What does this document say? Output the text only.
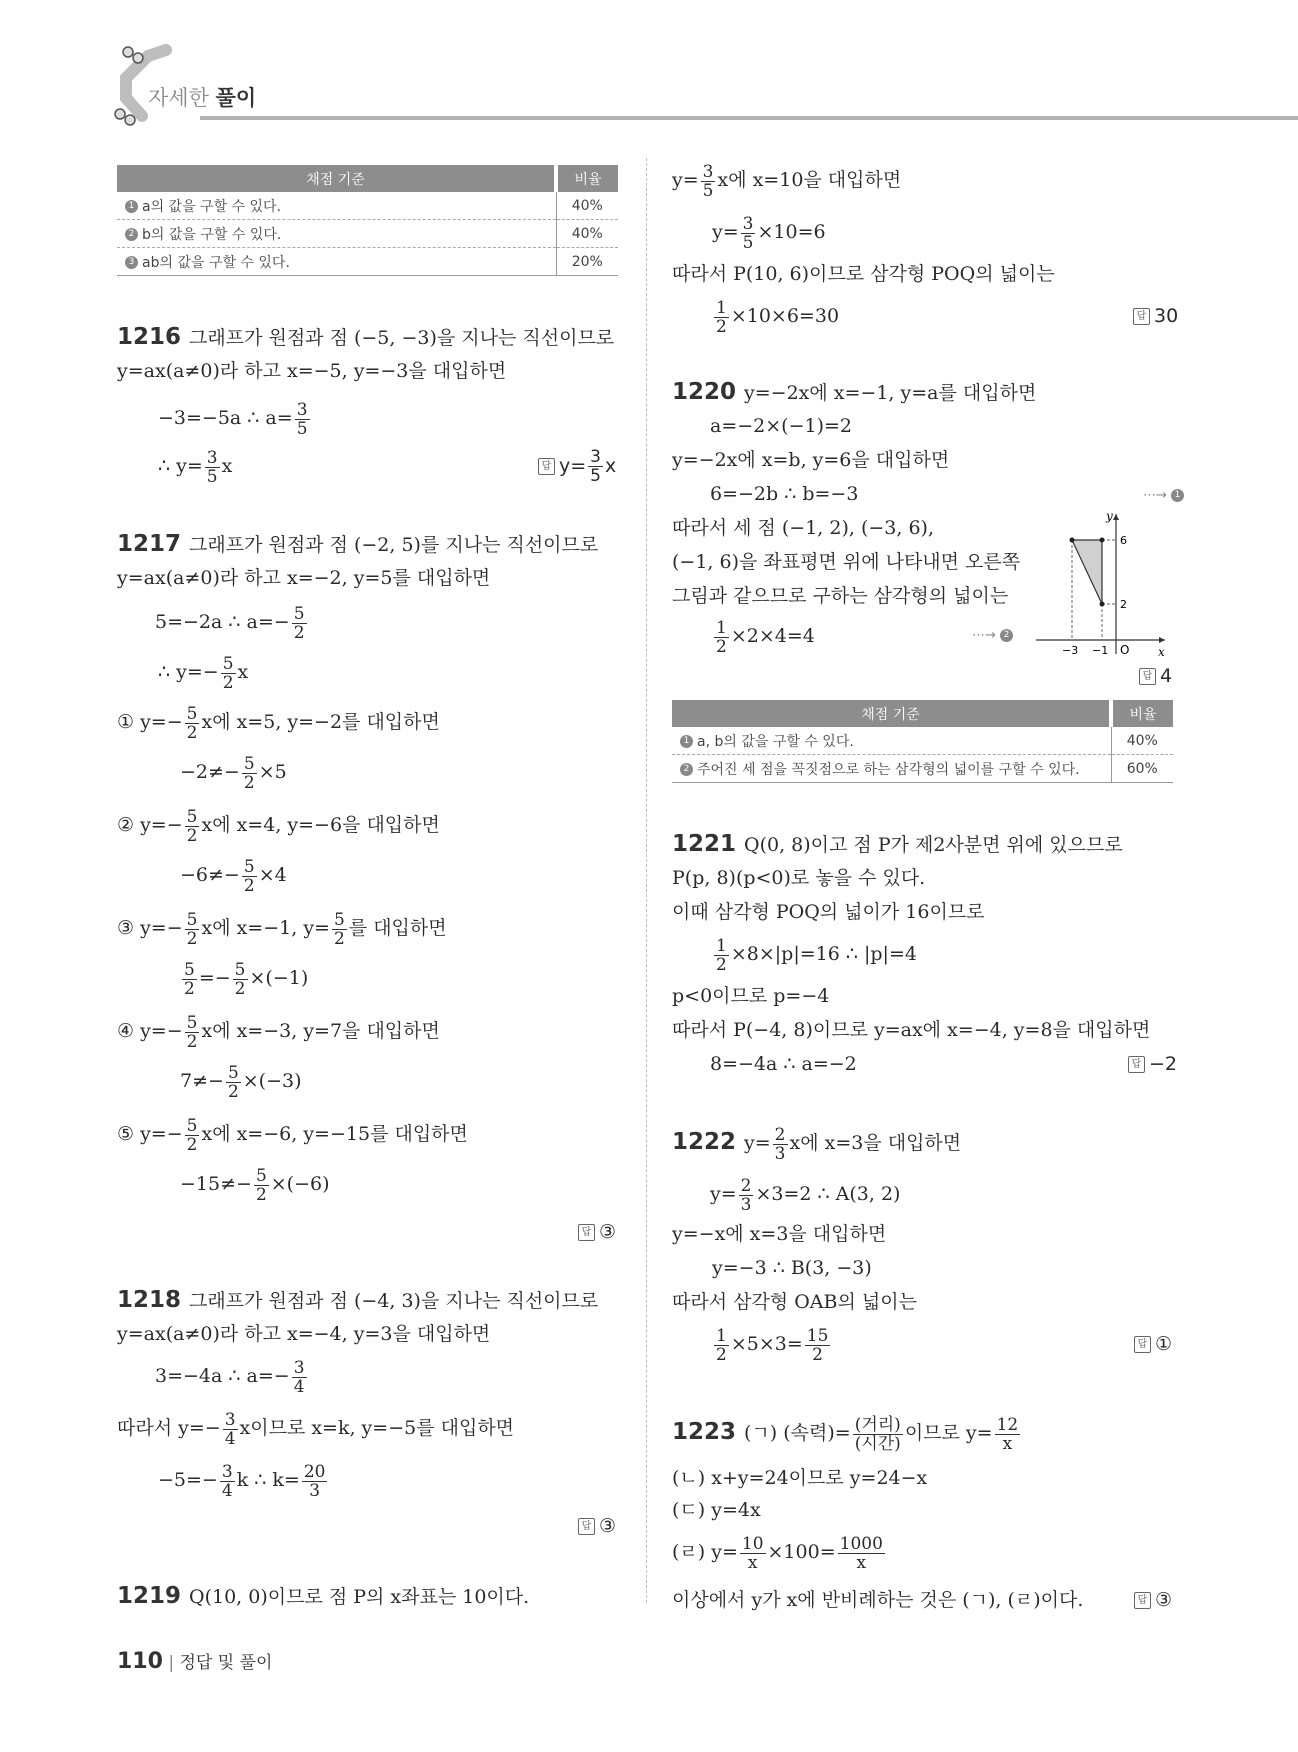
자세한 풀이
채점 기준	비율
1 a의 값을 구할 수 있다.	40%
2 b의 값을 구할 수 있다.	40%
3 ab의 값을 구할 수 있다.	20%
1216 그래프가 원점과 점 (−5, −3)을 지나는 직선이므로
y=ax(a≠0)라 하고 x=−5, y=−3을 대입하면
−3=−5a ∴ $a= \frac{3}{5}$
∴ $y= \frac{3}{5}$ x	답 $y= \frac{3}{5}$ x
1217 그래프가 원점과 점 (−2, 5)를 지나는 직선이므로
y=ax(a≠0)라 하고 x=−2, y=5를 대입하면
5=−2a ∴ $a=- \frac{5}{2}$
∴ $y=- \frac{5}{2}$ x
① $y=- \frac{5}{2}$ x에 x=5, y=−2를 대입하면
$-2\ne- \frac{5}{2} \times 5$
② $y=- \frac{5}{2}$ x에 x=4, y=−6을 대입하면
$-6\ne- \frac{5}{2} \times 4$
③ $y=- \frac{5}{2}$ x에 x=−1, $y= \frac{5}{2}$ 를 대입하면
$\frac{5}{2} =- \frac{5}{2} \times(-1)$
④ $y=- \frac{5}{2}$ x에 x=−3, y=7을 대입하면
$7\ne- \frac{5}{2} \times(-3)$
⑤ $y=- \frac{5}{2}$ x에 x=−6, y=−15를 대입하면
$-15\ne- \frac{5}{2} \times(-6)$
답 ③
1218 그래프가 원점과 점 (−4, 3)을 지나는 직선이므로
y=ax(a≠0)라 하고 x=−4, y=3을 대입하면
3=−4a ∴ $a=- \frac{3}{4}$
따라서 $y=- \frac{3}{4}$ x이므로 x=k, y=−5를 대입하면
$-5=- \frac{3}{4}$ k ∴ $k= \frac{20}{3}$
답 ③
1219 Q(10, 0)이므로 점 P의 x좌표는 10이다.
$y= \frac{3}{5}$ x에 x=10을 대입하면
$y= \frac{3}{5} \times 10=6$
따라서 P(10, 6)이므로 삼각형 POQ의 넓이는
$\frac{1}{2} \times 10\times 6=30$	답 30
1220 y=−2x에 x=−1, y=a를 대입하면
a=−2×(−1)=2
y=−2x에 x=b, y=6을 대입하면
6=−2b ∴ b=−3	⋯→ 1
따라서 세 점 (−1, 2), (−3, 6),
(−1, 6)을 좌표평면 위에 나타내면 오른쪽
그림과 같으므로 구하는 삼각형의 넓이는
$\frac{1}{2} \times 2\times 4=4$	⋯→ 2
y
x
O
6
2
−3 −1
답 4
채점 기준	비율
1 a, b의 값을 구할 수 있다.	40%
2 주어진 세 점을 꼭짓점으로 하는 삼각형의 넓이를 구할 수 있다.	60%
1221 Q(0, 8)이고 점 P가 제2사분면 위에 있으므로
P(p, 8)(p<0)로 놓을 수 있다.
이때 삼각형 POQ의 넓이가 16이므로
$\frac{1}{2} \times 8\times|p|=16$ ∴ |p|=4
p<0이므로 p=−4
따라서 P(−4, 8)이므로 y=ax에 x=−4, y=8을 대입하면
8=−4a ∴ a=−2	답 −2
1222 $y= \frac{2}{3}$ x에 x=3을 대입하면
$y= \frac{2}{3} \times 3=2$ ∴ A(3, 2)
y=−x에 x=3을 대입하면
y=−3 ∴ B(3, −3)
따라서 삼각형 OAB의 넓이는
$\frac{1}{2} \times 5\times 3= \frac{15}{2}$	답 ①
1223 (ㄱ) (속력)= $\frac{\text{(거리)}}{\text{(시간)}}$ 이므로 $y= \frac{12}{x}$
(ㄴ) x+y=24이므로 y=24−x
(ㄷ) y=4x
(ㄹ) $y= \frac{10}{x} \times 100= \frac{1000}{x}$
이상에서 y가 x에 반비례하는 것은 (ㄱ), (ㄹ)이다.	답 ③
110 | 정답 및 풀이
